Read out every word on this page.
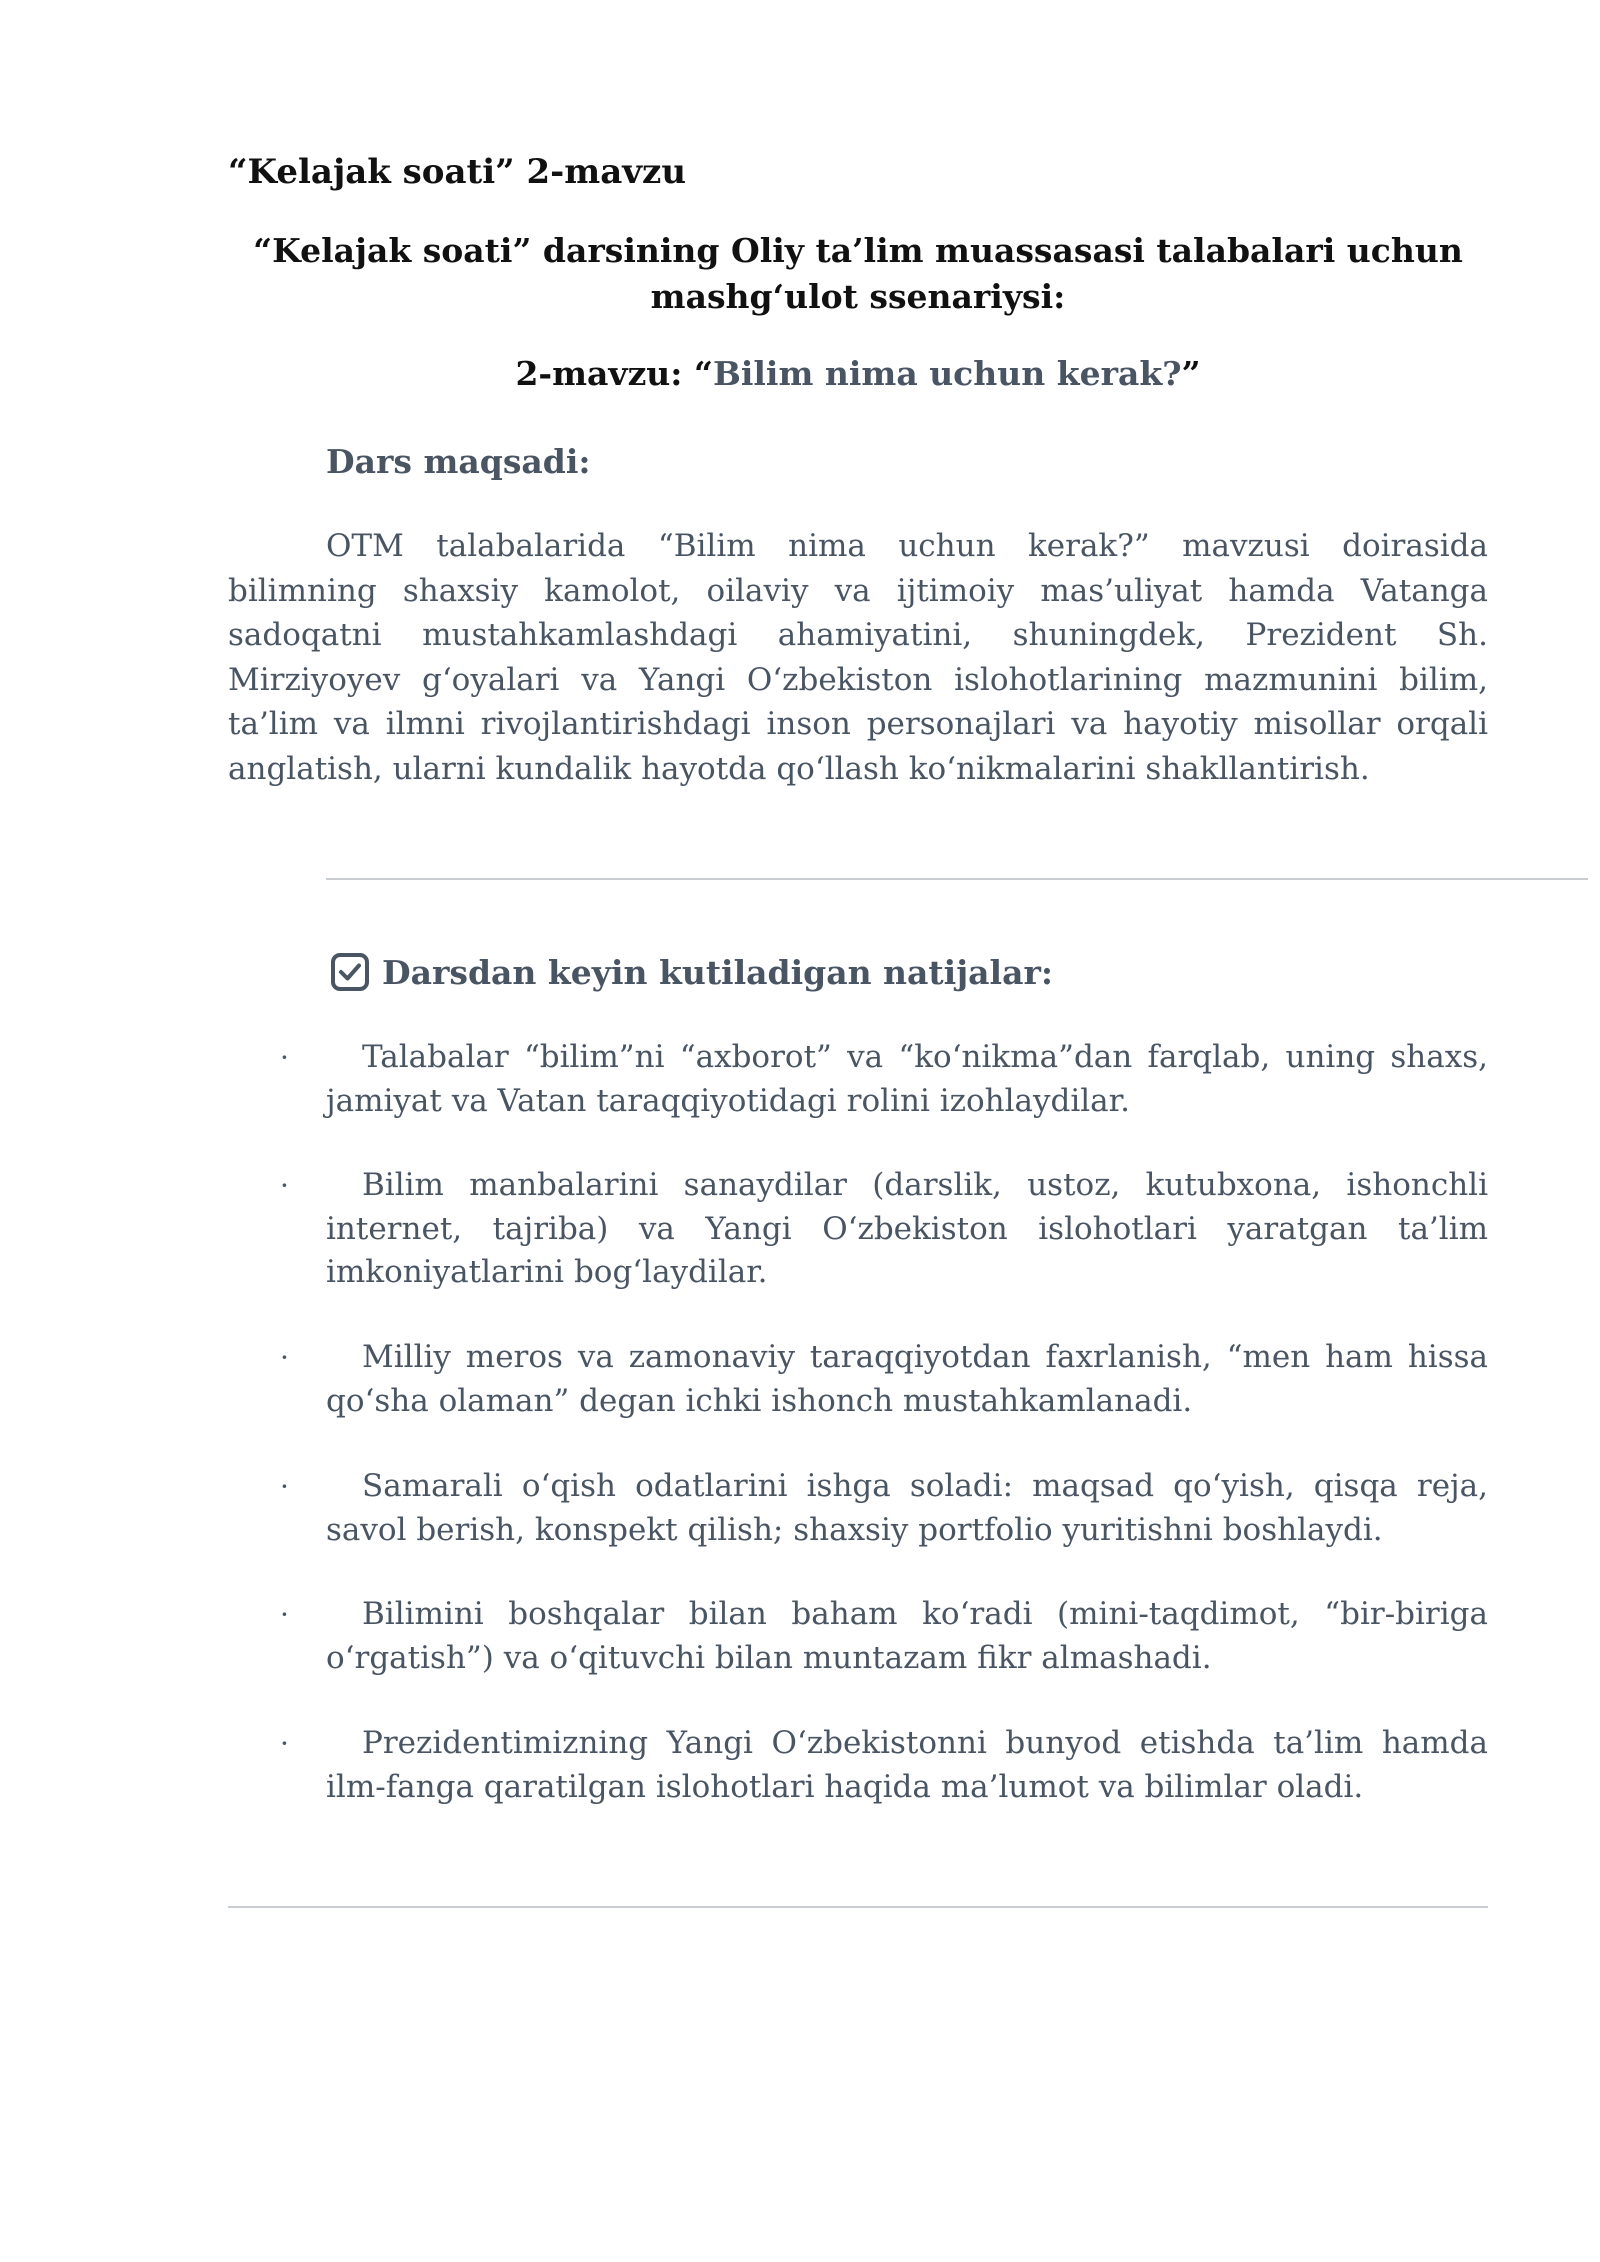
“Kelajak soati” 2-mavzu
“Kelajak soati” darsining Oliy ta’lim muassasasi talabalari uchun mashg‘ulot ssenariysi:
2-mavzu: “Bilim nima uchun kerak?”
Dars maqsadi:

OTM talabalarida “Bilim nima uchun kerak?” mavzusi doirasida bilimning shaxsiy kamolot, oilaviy va ijtimoiy mas’uliyat hamda Vatanga sadoqatni mustahkamlashdagi ahamiyatini, shuningdek, Prezident Sh. Mirziyoyev g‘oyalari va Yangi O‘zbekiston islohotlarining mazmunini bilim, ta’lim va ilmni rivojlantirishdagi inson personajlari va hayotiy misollar orqali anglatish, ularni kundalik hayotda qo‘llash ko‘nikmalarini shakllantirish.

Darsdan keyin kutiladigan natijalar:
· Talabalar “bilim”ni “axborot” va “ko‘nikma”dan farqlab, uning shaxs, jamiyat va Vatan taraqqiyotidagi rolini izohlaydilar.
· Bilim manbalarini sanaydilar (darslik, ustoz, kutubxona, ishonchli internet, tajriba) va Yangi O‘zbekiston islohotlari yaratgan ta’lim imkoniyatlarini bog‘laydilar.
· Milliy meros va zamonaviy taraqqiyotdan faxrlanish, “men ham hissa qo‘sha olaman” degan ichki ishonch mustahkamlanadi.
· Samarali o‘qish odatlarini ishga soladi: maqsad qo‘yish, qisqa reja, savol berish, konspekt qilish; shaxsiy portfolio yuritishni boshlaydi.
· Bilimini boshqalar bilan baham ko‘radi (mini-taqdimot, “bir-biriga o‘rgatish”) va o‘qituvchi bilan muntazam fikr almashadi.
· Prezidentimizning Yangi O‘zbekistonni bunyod etishda ta’lim hamda ilm-fanga qaratilgan islohotlari haqida ma’lumot va bilimlar oladi.
